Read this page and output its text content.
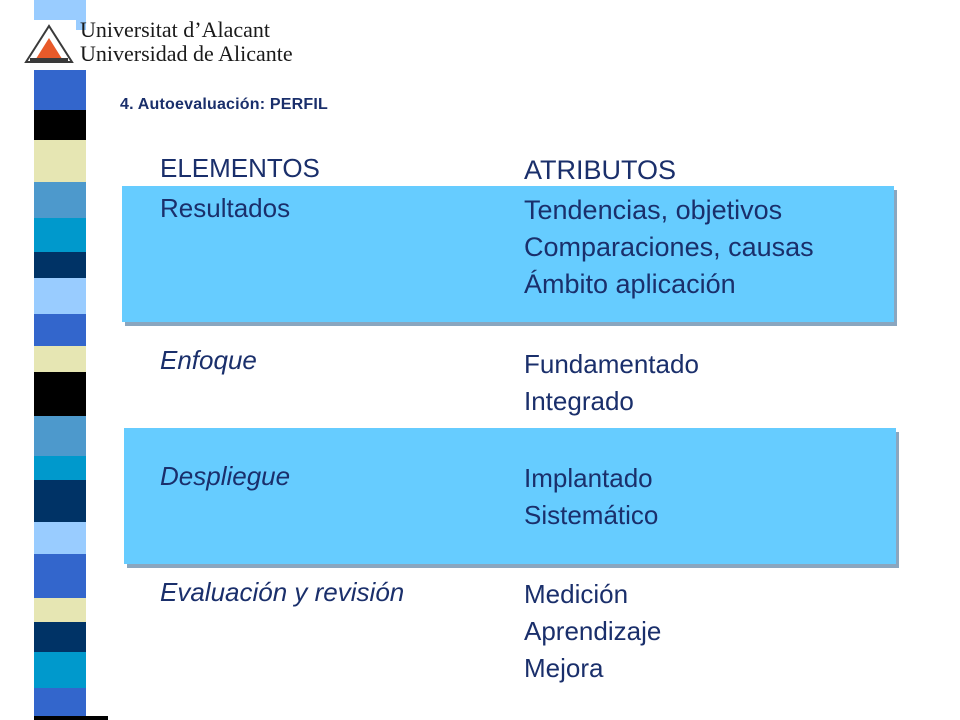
Universitat d’Alacant
Universidad de Alicante
4. Autoevaluación: PERFIL
ELEMENTOS	ATRIBUTOS
Resultados	Tendencias, objetivos
Comparaciones, causas
Ámbito aplicación
Enfoque	Fundamentado
Integrado
Despliegue	Implantado
Sistemático
Evaluación y revisión	Medición
Aprendizaje
Mejora
